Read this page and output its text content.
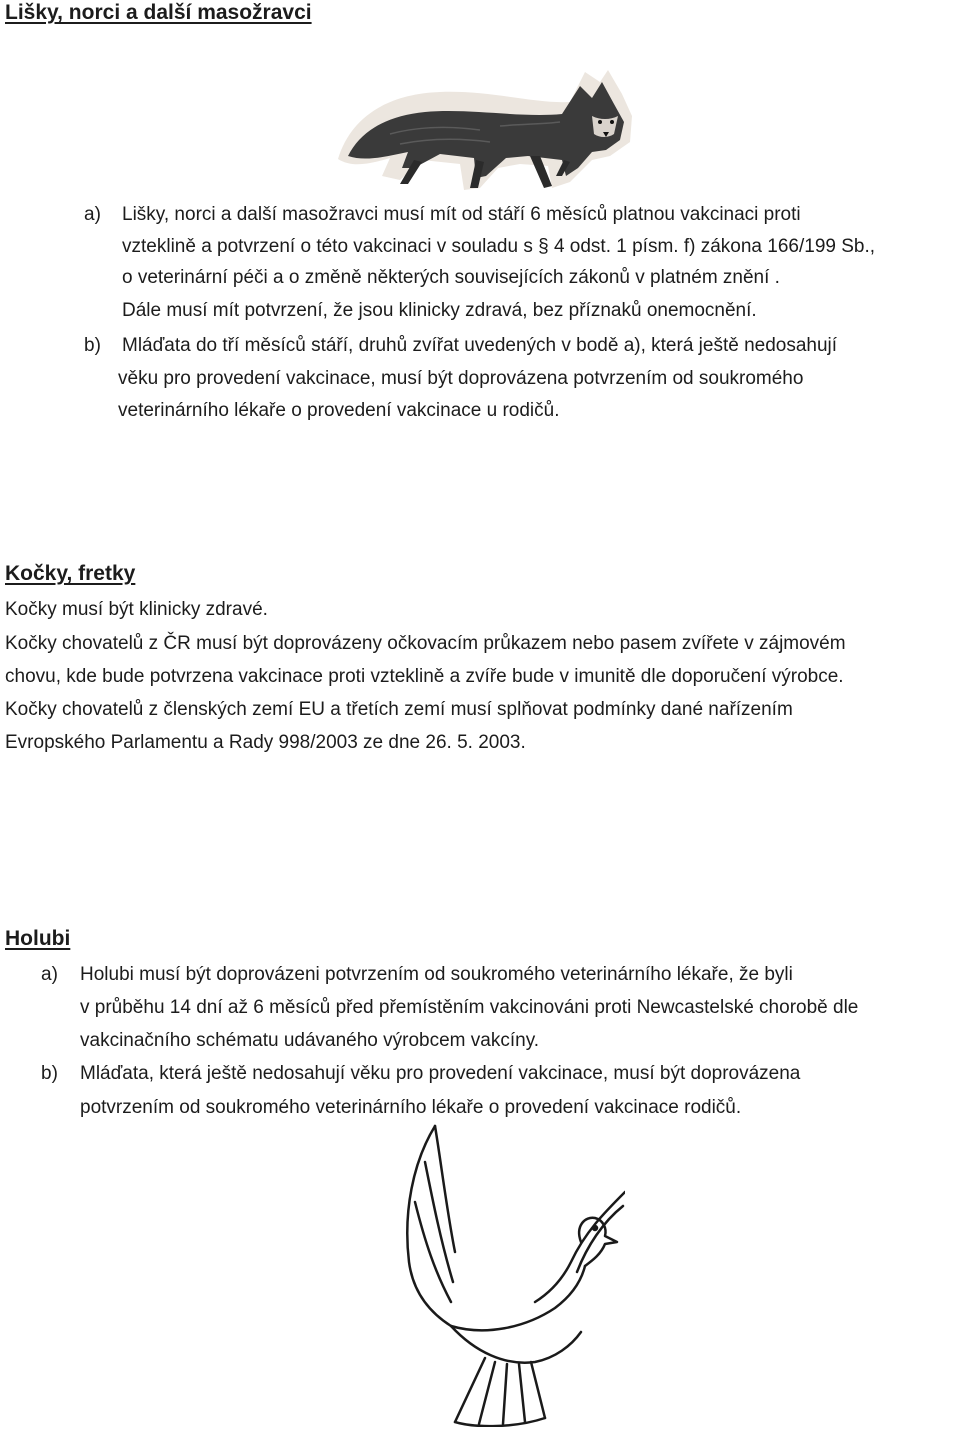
Lišky, norci a další masožravci
a) Lišky, norci a další masožravci musí mít od stáří 6 měsíců platnou vakcinaci proti

vzteklině a potvrzení o této vakcinaci v souladu s § 4 odst. 1 písm. f) zákona 166/199 Sb.,

o veterinární péči a o změně některých souvisejících zákonů v platném znění .

Dále musí mít potvrzení, že jsou klinicky zdravá, bez příznaků onemocnění.

b) Mláďata do tří měsíců stáří, druhů zvířat uvedených v bodě a), která ještě nedosahují

věku pro provedení vakcinace, musí být doprovázena potvrzením od soukromého

veterinárního lékaře o provedení vakcinace u rodičů.

Kočky, fretky

Kočky musí být klinicky zdravé.

Kočky chovatelů z ČR musí být doprovázeny očkovacím průkazem nebo pasem zvířete v zájmovém

chovu, kde bude potvrzena vakcinace proti vzteklině a zvíře bude v imunitě dle doporučení výrobce.

Kočky chovatelů z členských zemí EU a třetích zemí musí splňovat podmínky dané nařízením

Evropského Parlamentu a Rady 998/2003 ze dne 26. 5. 2003.

Holubi
a) Holubi musí být doprovázeni potvrzením od soukromého veterinárního lékaře, že byli

v průběhu 14 dní až 6 měsíců před přemístěním vakcinováni proti Newcastelské chorobě dle

vakcinačního schématu udávaného výrobcem vakcíny.

b) Mláďata, která ještě nedosahují věku pro provedení vakcinace, musí být doprovázena

potvrzením od soukromého veterinárního lékaře o provedení vakcinace rodičů.
